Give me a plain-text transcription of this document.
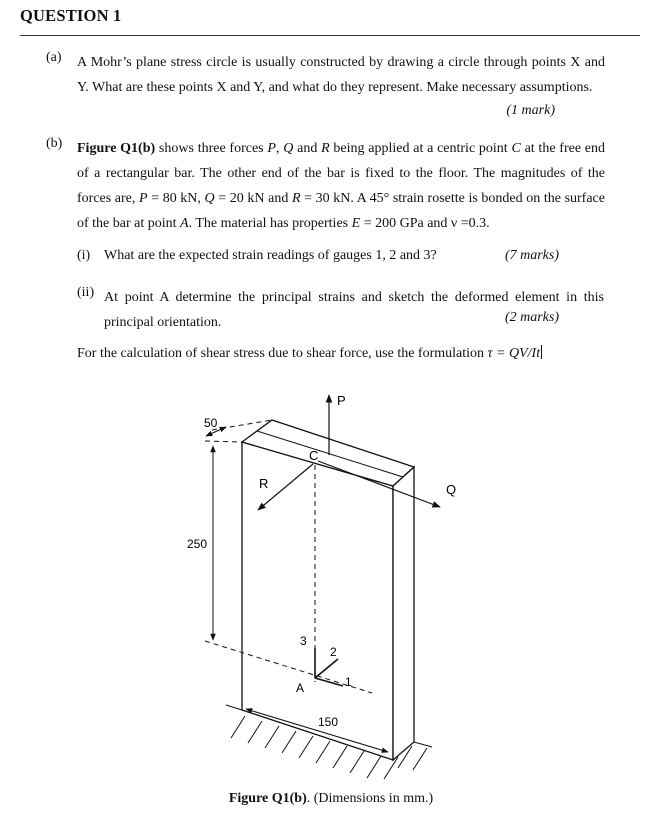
QUESTION 1
(a) A Mohr’s plane stress circle is usually constructed by drawing a circle through points X and Y. What are these points X and Y, and what do they represent. Make necessary assumptions.
(1 mark)
(b) Figure Q1(b) shows three forces P, Q and R being applied at a centric point C at the free end of a rectangular bar. The other end of the bar is fixed to the floor. The magnitudes of the forces are, P = 80 kN, Q = 20 kN and R = 30 kN. A 45° strain rosette is bonded on the surface of the bar at point A. The material has properties E = 200 GPa and ν =0.3.
(i) What are the expected strain readings of gauges 1, 2 and 3?	(7 marks)
(ii) At point A determine the principal strains and sketch the deformed element in this principal orientation.	(2 marks)
For the calculation of shear stress due to shear force, use the formulation τ = QV/It
P
Q
R
C
50
250
150
3
2
1
A
Figure Q1(b). (Dimensions in mm.)
